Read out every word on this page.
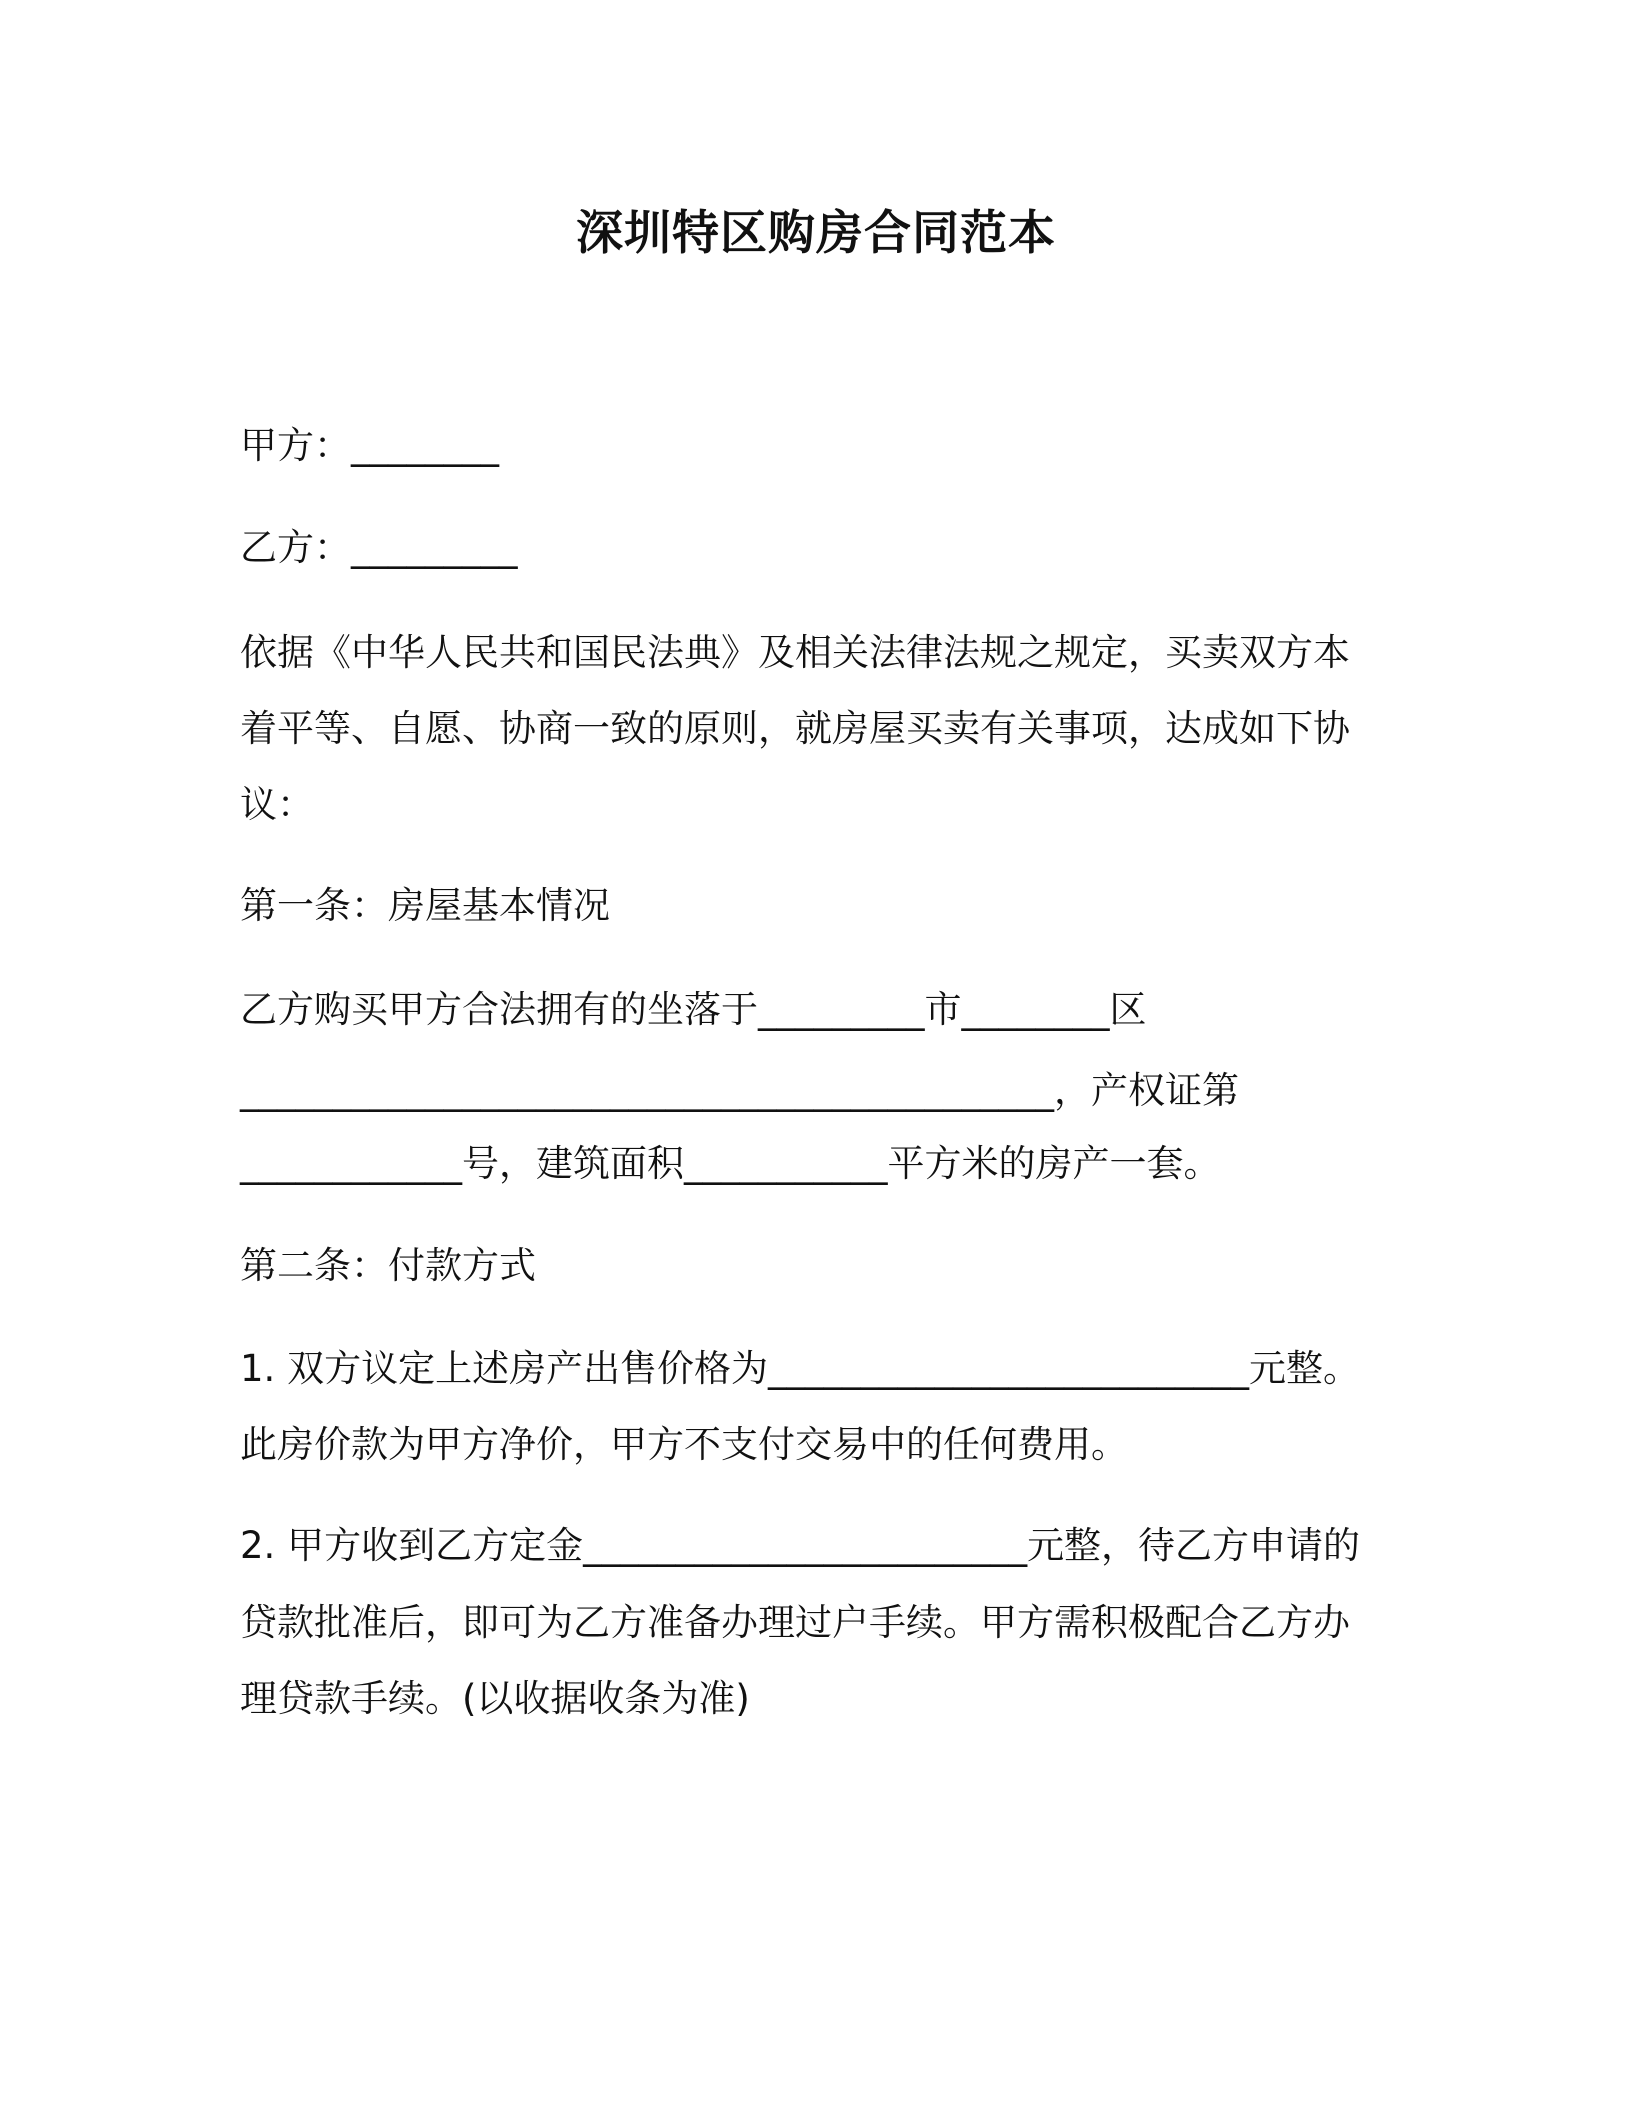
深圳特区购房合同范本
甲方：________
乙方：_________
依据《中华人民共和国民法典》及相关法律法规之规定，买卖双方本
着平等、自愿、协商一致的原则，就房屋买卖有关事项，达成如下协
议：
第一条：房屋基本情况
乙方购买甲方合法拥有的坐落于_________市________区
____________________________________________，产权证第
____________号，建筑面积___________平方米的房产一套。
第二条：付款方式
1. 双方议定上述房产出售价格为__________________________元整。
此房价款为甲方净价，甲方不支付交易中的任何费用。
2. 甲方收到乙方定金________________________元整，待乙方申请的
贷款批准后，即可为乙方准备办理过户手续。甲方需积极配合乙方办
理贷款手续。(以收据收条为准)
